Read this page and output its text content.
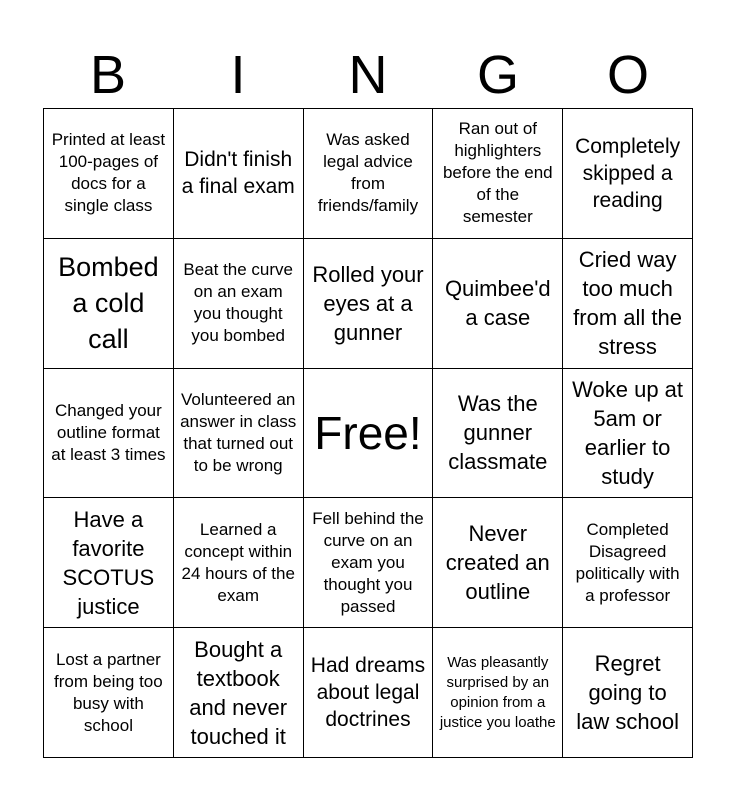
B	I	N	G	O
Printed at least 100-pages of docs for a single class
Didn't finish a final exam
Was asked legal advice from friends/family
Ran out of highlighters before the end of the semester
Completely skipped a reading
Bombed a cold call
Beat the curve on an exam you thought you bombed
Rolled your eyes at a gunner
Quimbee'd a case
Cried way too much from all the stress
Changed your outline format at least 3 times
Volunteered an answer in class that turned out to be wrong
Free!
Was the gunner classmate
Woke up at 5am or earlier to study
Have a favorite SCOTUS justice
Learned a concept within 24 hours of the exam
Fell behind the curve on an exam you thought you passed
Never created an outline
Completed Disagreed politically with a professor
Lost a partner from being too busy with school
Bought a textbook and never touched it
Had dreams about legal doctrines
Was pleasantly surprised by an opinion from a justice you loathe
Regret going to law school
